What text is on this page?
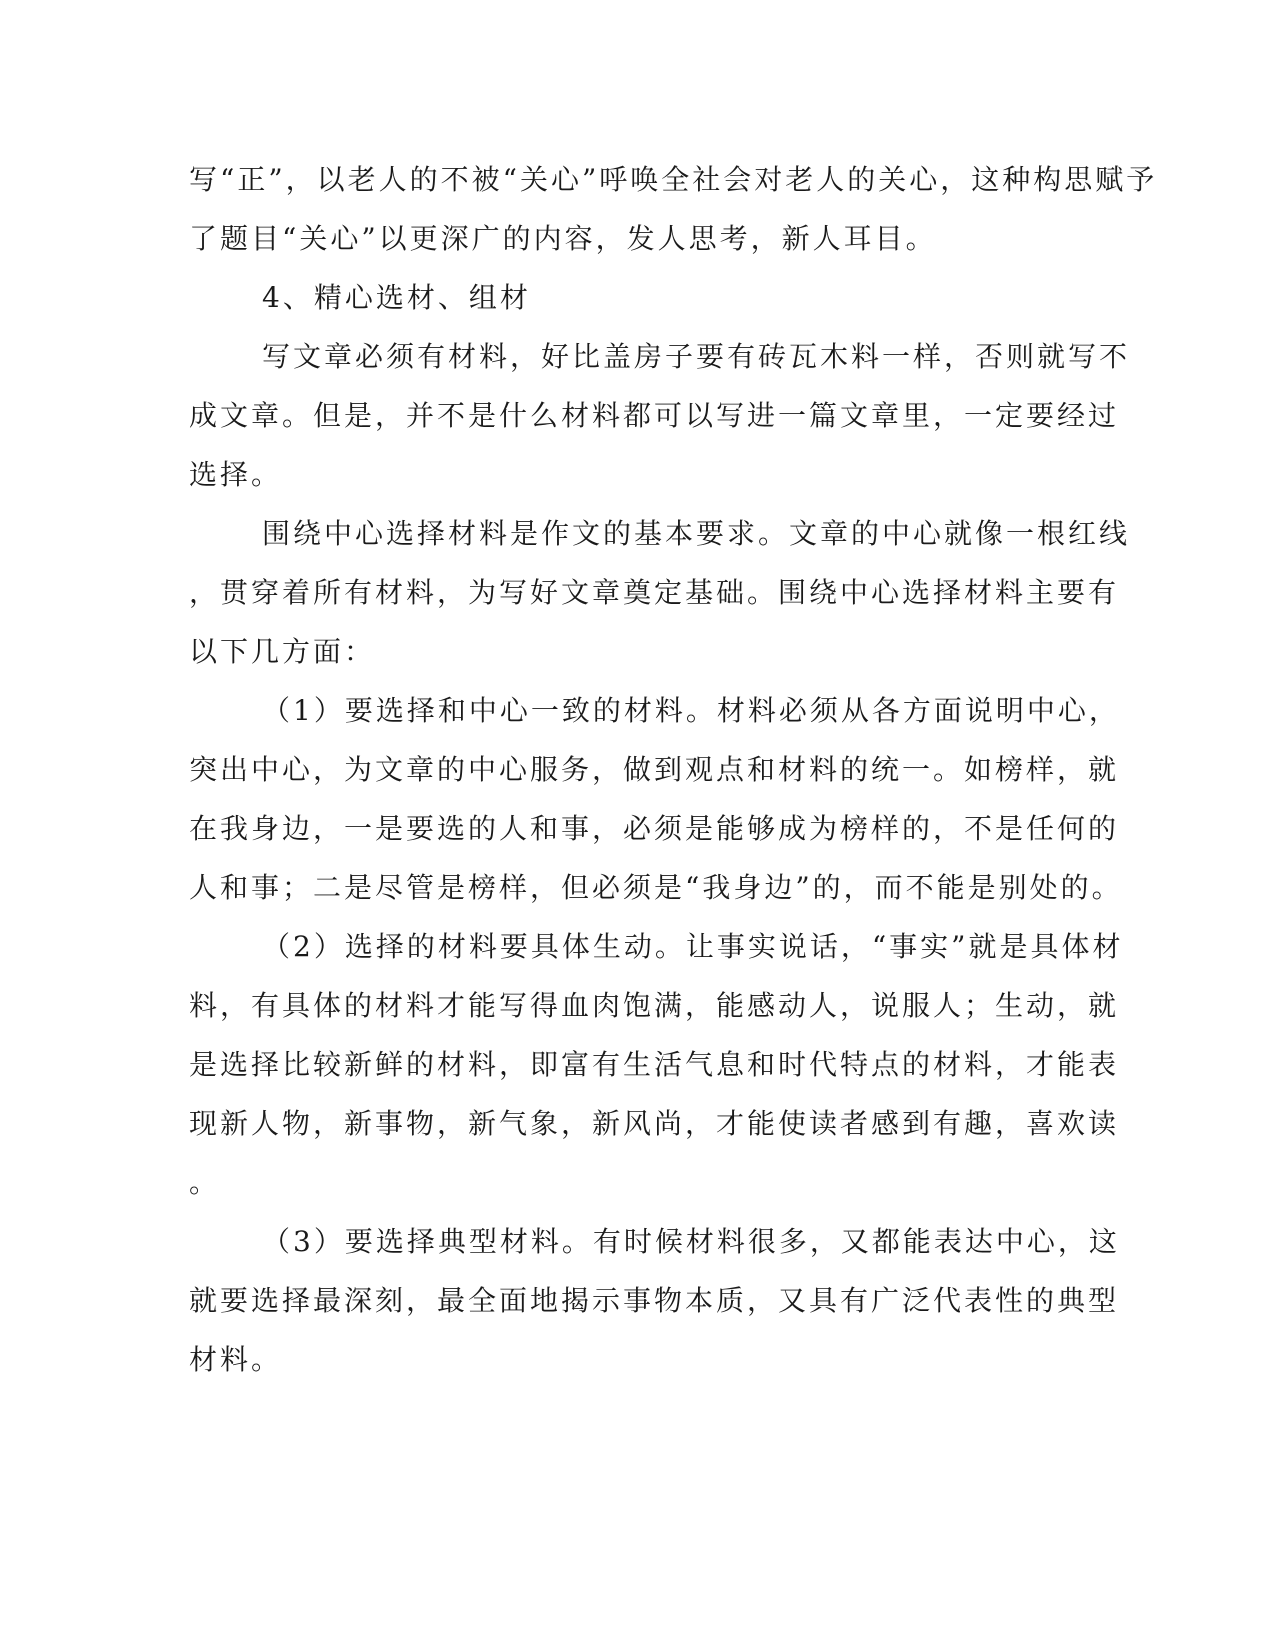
写“正”，以老人的不被“关心”呼唤全社会对老人的关心，这种构思赋予
了题目“关心”以更深广的内容，发人思考，新人耳目。
4、精心选材、组材
写文章必须有材料，好比盖房子要有砖瓦木料一样，否则就写不
成文章。但是，并不是什么材料都可以写进一篇文章里，一定要经过
选择。
围绕中心选择材料是作文的基本要求。文章的中心就像一根红线
，贯穿着所有材料，为写好文章奠定基础。围绕中心选择材料主要有
以下几方面：
（1）要选择和中心一致的材料。材料必须从各方面说明中心，
突出中心，为文章的中心服务，做到观点和材料的统一。如榜样，就
在我身边，一是要选的人和事，必须是能够成为榜样的，不是任何的
人和事；二是尽管是榜样，但必须是“我身边”的，而不能是别处的。
（2）选择的材料要具体生动。让事实说话，“事实”就是具体材
料，有具体的材料才能写得血肉饱满，能感动人，说服人；生动，就
是选择比较新鲜的材料，即富有生活气息和时代特点的材料，才能表
现新人物，新事物，新气象，新风尚，才能使读者感到有趣，喜欢读
。
（3）要选择典型材料。有时候材料很多，又都能表达中心，这
就要选择最深刻，最全面地揭示事物本质，又具有广泛代表性的典型
材料。
